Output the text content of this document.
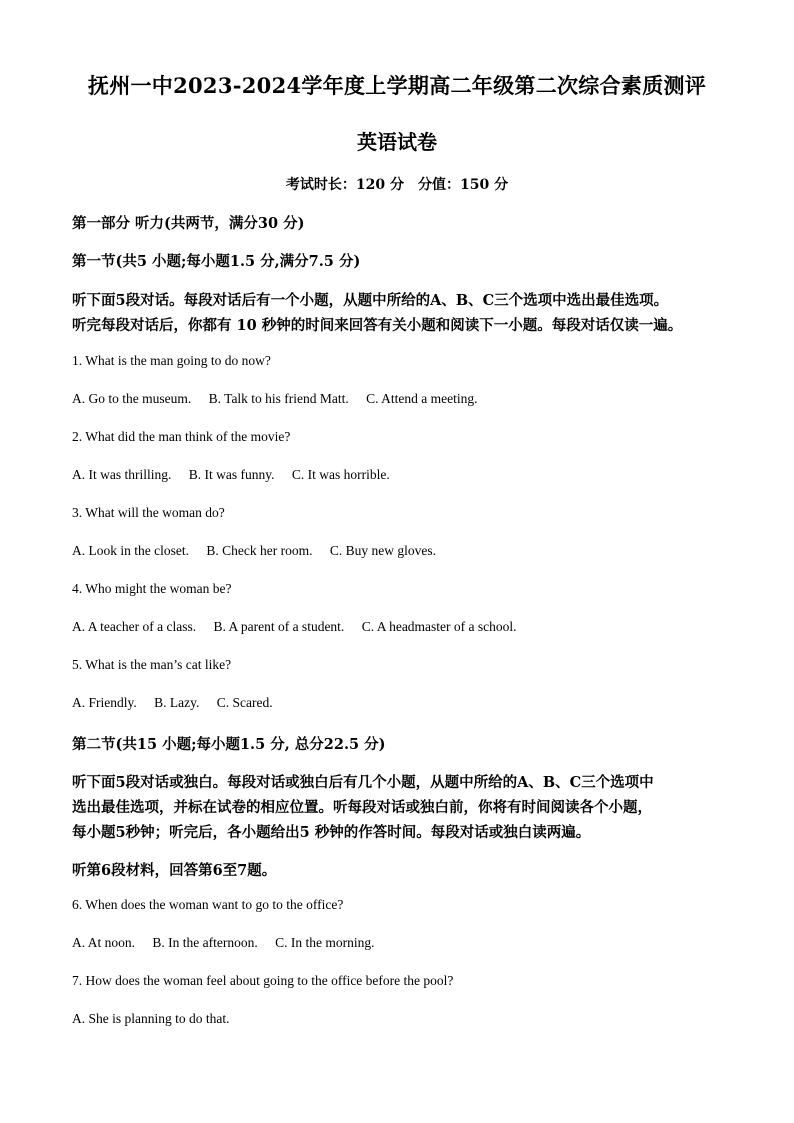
抚州一中2023-2024学年度上学期高二年级第二次综合素质测评
英语试卷
考试时长：120 分　分值：150 分
第一部分 听力(共两节，满分30 分)
第一节(共5 小题;每小题1.5 分,满分7.5 分)
听下面5段对话。每段对话后有一个小题，从题中所给的A、B、C三个选项中选出最佳选项。
听完每段对话后，你都有 10 秒钟的时间来回答有关小题和阅读下一小题。每段对话仅读一遍。
1. What is the man going to do now?
A. Go to the museum. B. Talk to his friend Matt. C. Attend a meeting.
2. What did the man think of the movie?
A. It was thrilling. B. It was funny. C. It was horrible.
3. What will the woman do?
A. Look in the closet. B. Check her room. C. Buy new gloves.
4. Who might the woman be?
A. A teacher of a class. B. A parent of a student. C. A headmaster of a school.
5. What is the man’s cat like?
A. Friendly. B. Lazy. C. Scared.
第二节(共15 小题;每小题1.5 分, 总分22.5 分)
听下面5段对话或独白。每段对话或独白后有几个小题，从题中所给的A、B、C三个选项中
选出最佳选项，并标在试卷的相应位置。听每段对话或独白前，你将有时间阅读各个小题，
每小题5秒钟；听完后，各小题给出5 秒钟的作答时间。每段对话或独白读两遍。
听第6段材料，回答第6至7题。
6. When does the woman want to go to the office?
A. At noon. B. In the afternoon. C. In the morning.
7. How does the woman feel about going to the office before the pool?
A. She is planning to do that.
